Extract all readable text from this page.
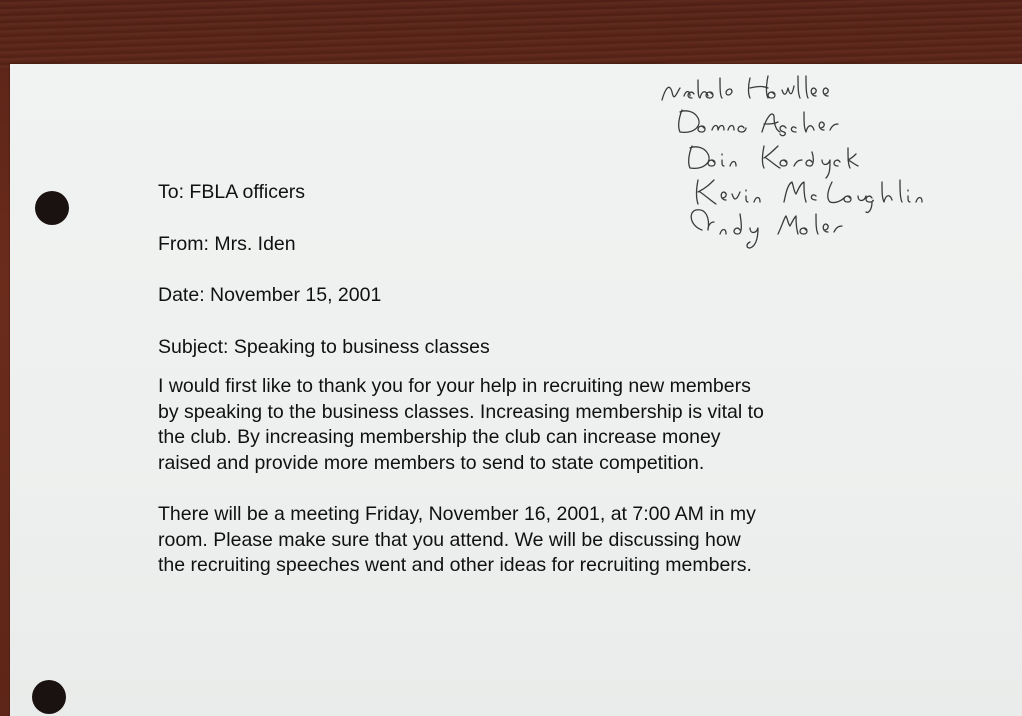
To: FBLA officers

From: Mrs. Iden

Date: November 15, 2001

Subject: Speaking to business classes

I would first like to thank you for your help in recruiting new members
by speaking to the business classes. Increasing membership is vital to
the club. By increasing membership the club can increase money
raised and provide more members to send to state competition.

There will be a meeting Friday, November 16, 2001, at 7:00 AM in my
room. Please make sure that you attend. We will be discussing how
the recruiting speeches went and other ideas for recruiting members.
